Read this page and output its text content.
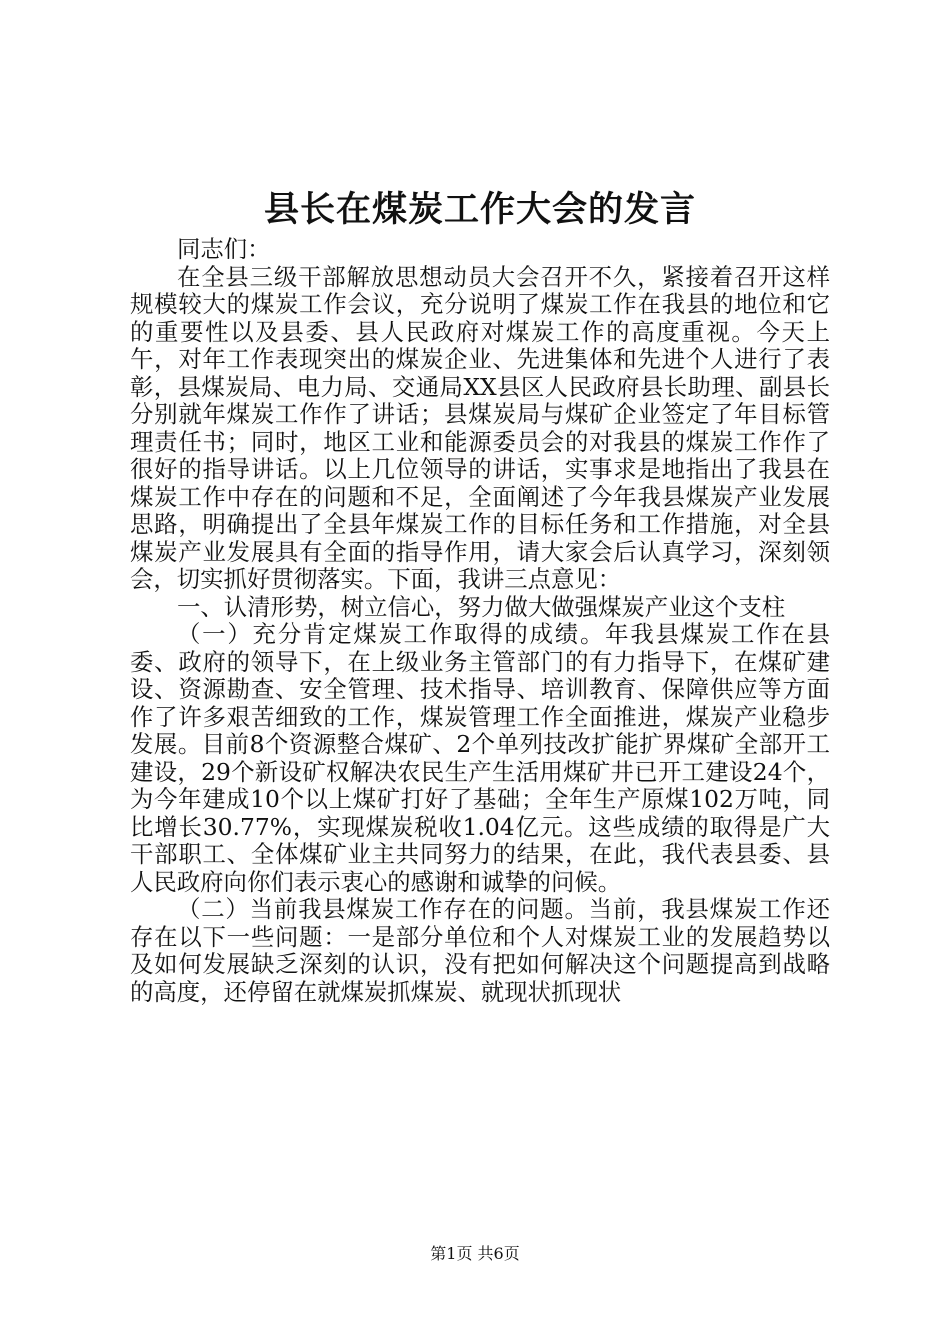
县长在煤炭工作大会的发言

同志们：

在全县三级干部解放思想动员大会召开不久，紧接着召开这样规模较大的煤炭工作会议，充分说明了煤炭工作在我县的地位和它的重要性以及县委、县人民政府对煤炭工作的高度重视。今天上午，对年工作表现突出的煤炭企业、先进集体和先进个人进行了表彰，县煤炭局、电力局、交通局XX县区人民政府县长助理、副县长分别就年煤炭工作作了讲话；县煤炭局与煤矿企业签定了年目标管理责任书；同时，地区工业和能源委员会的对我县的煤炭工作作了很好的指导讲话。以上几位领导的讲话，实事求是地指出了我县在煤炭工作中存在的问题和不足，全面阐述了今年我县煤炭产业发展思路，明确提出了全县年煤炭工作的目标任务和工作措施，对全县煤炭产业发展具有全面的指导作用，请大家会后认真学习，深刻领会，切实抓好贯彻落实。下面，我讲三点意见：

一、认清形势，树立信心，努力做大做强煤炭产业这个支柱

（一）充分肯定煤炭工作取得的成绩。年我县煤炭工作在县委、政府的领导下，在上级业务主管部门的有力指导下，在煤矿建设、资源勘查、安全管理、技术指导、培训教育、保障供应等方面作了许多艰苦细致的工作，煤炭管理工作全面推进，煤炭产业稳步发展。目前8个资源整合煤矿、2个单列技改扩能扩界煤矿全部开工建设，29个新设矿权解决农民生产生活用煤矿井已开工建设24个，为今年建成10个以上煤矿打好了基础；全年生产原煤102万吨，同比增长30.77%，实现煤炭税收1.04亿元。这些成绩的取得是广大干部职工、全体煤矿业主共同努力的结果，在此，我代表县委、县人民政府向你们表示衷心的感谢和诚挚的问候。

（二）当前我县煤炭工作存在的问题。当前，我县煤炭工作还存在以下一些问题：一是部分单位和个人对煤炭工业的发展趋势以及如何发展缺乏深刻的认识，没有把如何解决这个问题提高到战略的高度，还停留在就煤炭抓煤炭、就现状抓现状

第1页 共6页
